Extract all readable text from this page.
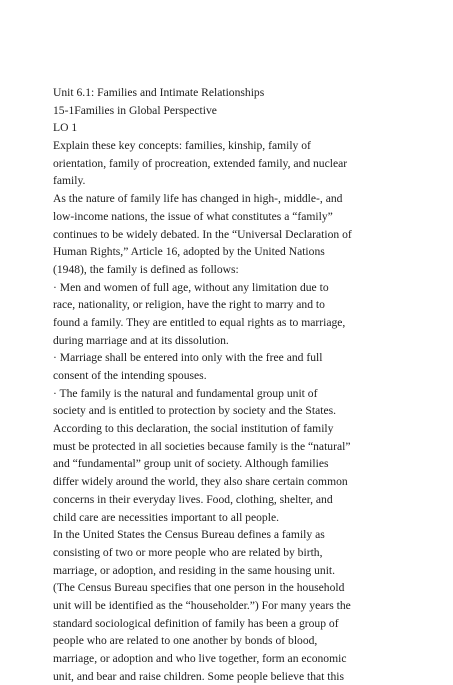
Unit 6.1: Families and Intimate Relationships
15-1Families in Global Perspective
LO 1
Explain these key concepts: families, kinship, family of
orientation, family of procreation, extended family, and nuclear
family.
As the nature of family life has changed in high-, middle-, and
low-income nations, the issue of what constitutes a “family”
continues to be widely debated. In the “Universal Declaration of
Human Rights,” Article 16, adopted by the United Nations
(1948), the family is defined as follows:
· Men and women of full age, without any limitation due to
race, nationality, or religion, have the right to marry and to
found a family. They are entitled to equal rights as to marriage,
during marriage and at its dissolution.
· Marriage shall be entered into only with the free and full
consent of the intending spouses.
· The family is the natural and fundamental group unit of
society and is entitled to protection by society and the States.
According to this declaration, the social institution of family
must be protected in all societies because family is the “natural”
and “fundamental” group unit of society. Although families
differ widely around the world, they also share certain common
concerns in their everyday lives. Food, clothing, shelter, and
child care are necessities important to all people.
In the United States the Census Bureau defines a family as
consisting of two or more people who are related by birth,
marriage, or adoption, and residing in the same housing unit.
(The Census Bureau specifies that one person in the household
unit will be identified as the “householder.”) For many years the
standard sociological definition of family has been a group of
people who are related to one another by bonds of blood,
marriage, or adoption and who live together, form an economic
unit, and bear and raise children. Some people believe that this
